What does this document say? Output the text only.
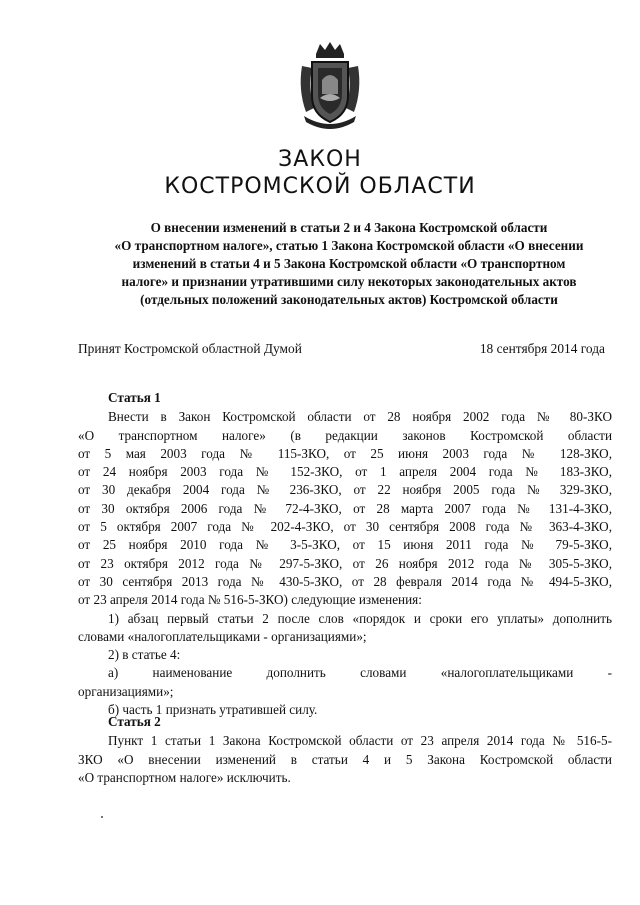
ЗАКОН
КОСТРОМСКОЙ ОБЛАСТИ
О внесении изменений в статьи 2 и 4 Закона Костромской области
«О транспортном налоге», статью 1 Закона Костромской области «О внесении
изменений в статьи 4 и 5 Закона Костромской области «О транспортном
налоге» и признании утратившими силу некоторых законодательных актов
(отдельных положений законодательных актов) Костромской области
Принят Костромской областной Думой	18 сентября 2014 года
Статья 1
Внести в Закон Костромской области от 28 ноября 2002 года № 80-ЗКО
«О транспортном налоге» (в редакции законов Костромской области
от 5 мая 2003 года № 115-ЗКО, от 25 июня 2003 года № 128-ЗКО,
от 24 ноября 2003 года № 152-ЗКО, от 1 апреля 2004 года № 183-ЗКО,
от 30 декабря 2004 года № 236-ЗКО, от 22 ноября 2005 года № 329-ЗКО,
от 30 октября 2006 года № 72-4-ЗКО, от 28 марта 2007 года № 131-4-ЗКО,
от 5 октября 2007 года № 202-4-ЗКО, от 30 сентября 2008 года № 363-4-ЗКО,
от 25 ноября 2010 года № 3-5-ЗКО, от 15 июня 2011 года № 79-5-ЗКО,
от 23 октября 2012 года № 297-5-ЗКО, от 26 ноября 2012 года № 305-5-ЗКО,
от 30 сентября 2013 года № 430-5-ЗКО, от 28 февраля 2014 года № 494-5-ЗКО,
от 23 апреля 2014 года № 516-5-ЗКО) следующие изменения:
1) абзац первый статьи 2 после слов «порядок и сроки его уплаты» дополнить
словами «налогоплательщиками - организациями»;
2) в статье 4:
а) наименование дополнить словами «налогоплательщиками -
организациями»;
б) часть 1 признать утратившей силу.
Статья 2
Пункт 1 статьи 1 Закона Костромской области от 23 апреля 2014 года № 516-5-
ЗКО «О внесении изменений в статьи 4 и 5 Закона Костромской области
«О транспортном налоге» исключить.
